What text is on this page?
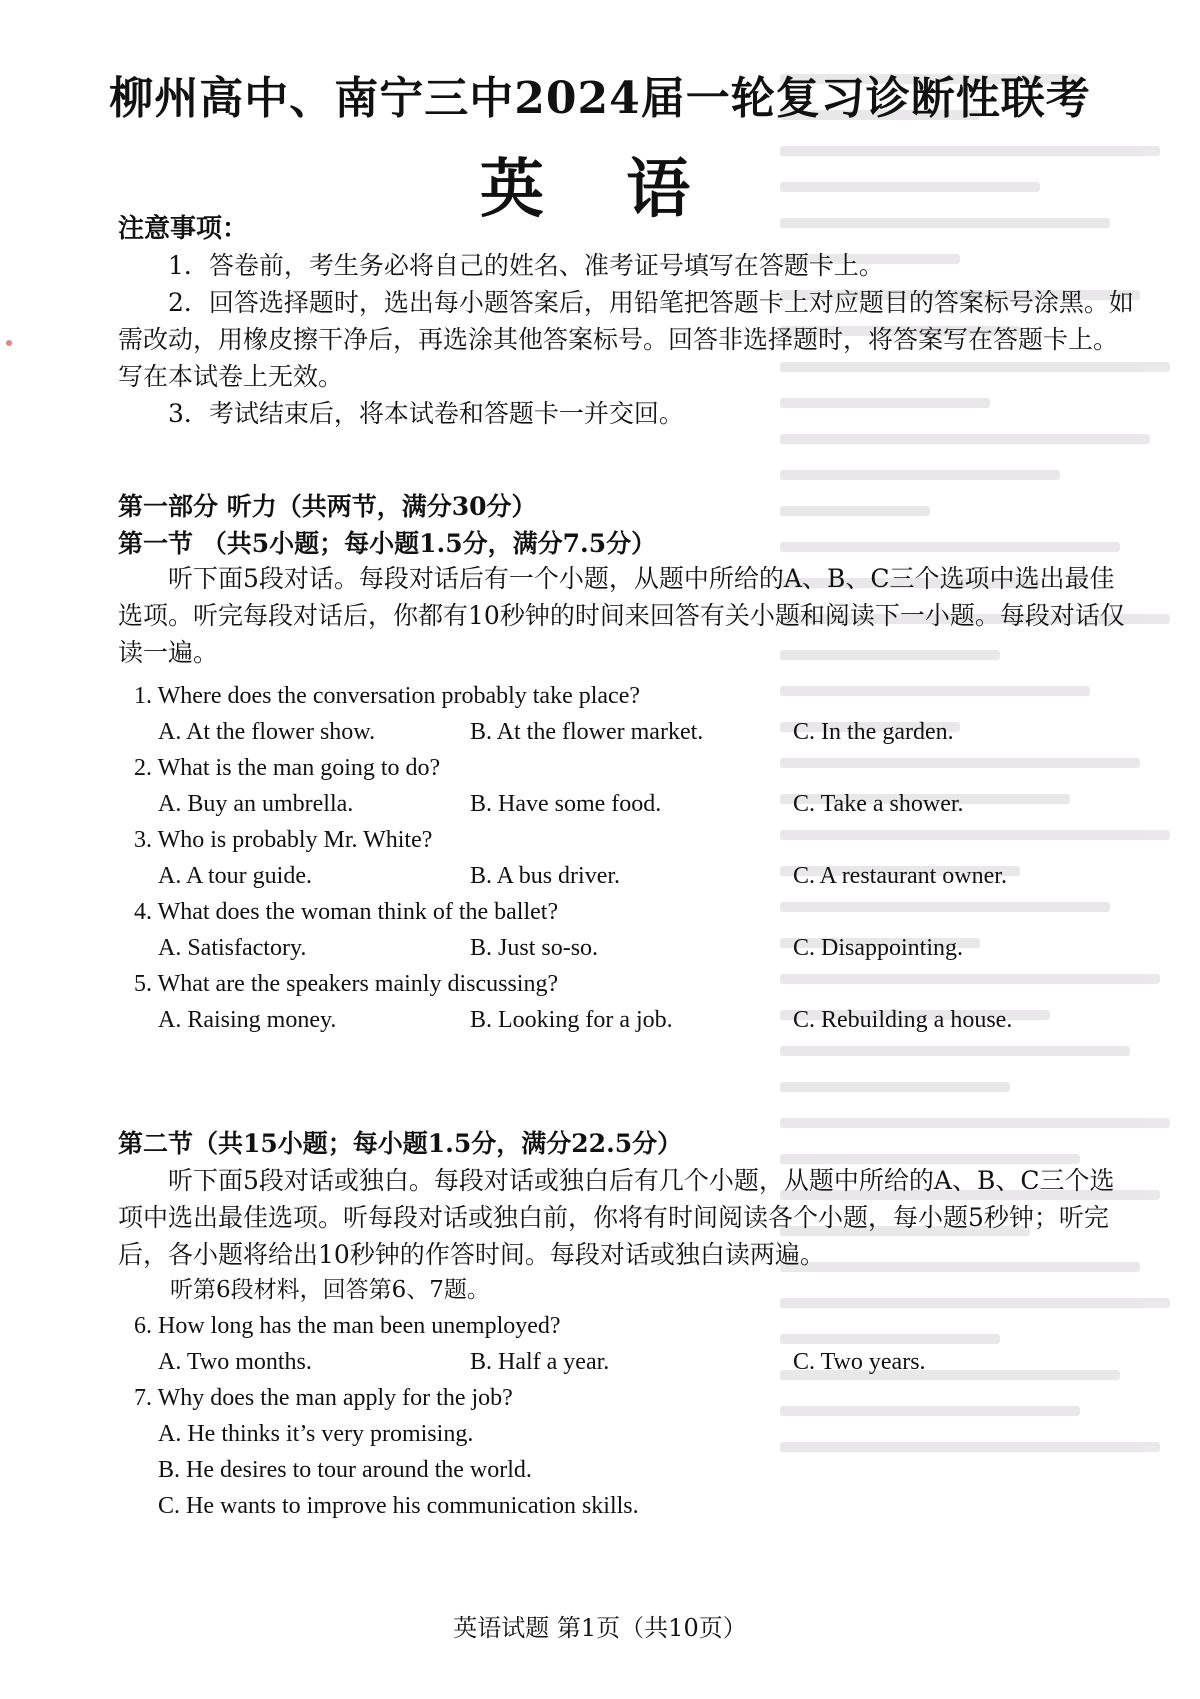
柳州高中、南宁三中2024届一轮复习诊断性联考
英 语
注意事项：
1．答卷前，考生务必将自己的姓名、准考证号填写在答题卡上。
2．回答选择题时，选出每小题答案后，用铅笔把答题卡上对应题目的答案标号涂黑。如需改动，用橡皮擦干净后，再选涂其他答案标号。回答非选择题时，将答案写在答题卡上。写在本试卷上无效。
3．考试结束后，将本试卷和答题卡一并交回。
第一部分 听力（共两节，满分30分）
第一节 （共5小题；每小题1.5分，满分7.5分）
听下面5段对话。每段对话后有一个小题，从题中所给的A、B、C三个选项中选出最佳选项。听完每段对话后，你都有10秒钟的时间来回答有关小题和阅读下一小题。每段对话仅读一遍。
1. Where does the conversation probably take place?
A. At the flower show.	B. At the flower market.	C. In the garden.
2. What is the man going to do?
A. Buy an umbrella.	B. Have some food.	C. Take a shower.
3. Who is probably Mr. White?
A. A tour guide.	B. A bus driver.	C. A restaurant owner.
4. What does the woman think of the ballet?
A. Satisfactory.	B. Just so-so.	C. Disappointing.
5. What are the speakers mainly discussing?
A. Raising money.	B. Looking for a job.	C. Rebuilding a house.
第二节（共15小题；每小题1.5分，满分22.5分）
听下面5段对话或独白。每段对话或独白后有几个小题，从题中所给的A、B、C三个选项中选出最佳选项。听每段对话或独白前，你将有时间阅读各个小题，每小题5秒钟；听完后，各小题将给出10秒钟的作答时间。每段对话或独白读两遍。
听第6段材料，回答第6、7题。
6. How long has the man been unemployed?
A. Two months.	B. Half a year.	C. Two years.
7. Why does the man apply for the job?
A. He thinks it’s very promising.
B. He desires to tour around the world.
C. He wants to improve his communication skills.
英语试题 第1页（共10页）
